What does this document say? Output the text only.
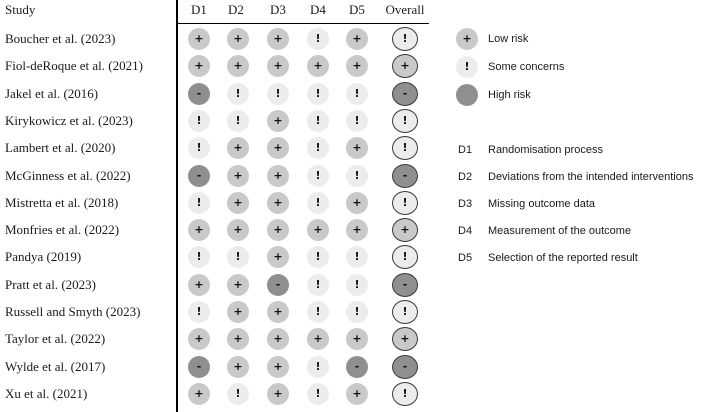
Study	D1	D2	D3	D4	D5	Overall
Boucher et al. (2023)	+	+	+	!	+	!
Fiol-deRoque et al. (2021)	+	+	+	+	+	+
Jakel et al. (2016)	-	!	!	!	!	-
Kirykowicz et al. (2023)	!	!	+	!	!	!
Lambert et al. (2020)	!	+	+	!	+	!
McGinness et al. (2022)	-	+	+	!	!	-
Mistretta et al. (2018)	!	+	+	!	+	!
Monfries et al. (2022)	+	+	+	+	+	+
Pandya (2019)	!	!	+	!	!	!
Pratt et al. (2023)	+	+	-	!	!	-
Russell and Smyth (2023)	!	+	+	!	!	!
Taylor et al. (2022)	+	+	+	+	+	+
Wylde et al. (2017)	-	+	+	!	-	-
Xu et al. (2021)	+	!	+	!	+	!
+	Low risk
!	Some concerns
High risk
D1 Randomisation process
D2 Deviations from the intended interventions
D3 Missing outcome data
D4 Measurement of the outcome
D5 Selection of the reported result
